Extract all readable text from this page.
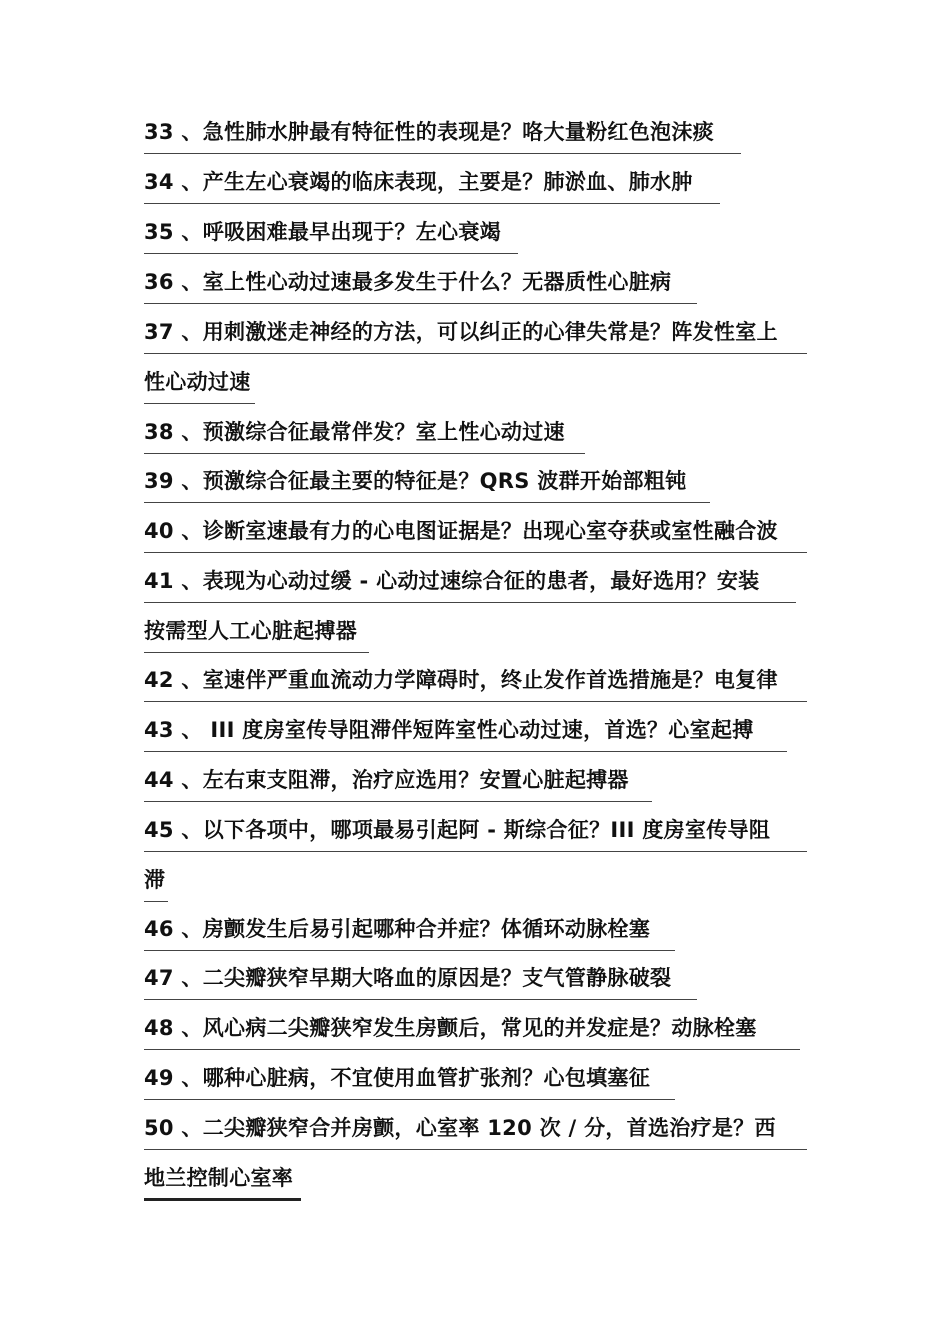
33 、急性肺水肿最有特征性的表现是？咯大量粉红色泡沫痰
34 、产生左心衰竭的临床表现，主要是？肺淤血、肺水肿
35 、呼吸困难最早出现于？左心衰竭
36 、室上性心动过速最多发生于什么？无器质性心脏病
37 、用刺激迷走神经的方法，可以纠正的心律失常是？阵发性室上
性心动过速
38 、预激综合征最常伴发？室上性心动过速
39 、预激综合征最主要的特征是？QRS 波群开始部粗钝
40 、诊断室速最有力的心电图证据是？出现心室夺获或室性融合波
41 、表现为心动过缓 - 心动过速综合征的患者，最好选用？安装
按需型人工心脏起搏器
42 、室速伴严重血流动力学障碍时，终止发作首选措施是？电复律
43 、 III 度房室传导阻滞伴短阵室性心动过速，首选？心室起搏
44 、左右束支阻滞，治疗应选用？安置心脏起搏器
45 、以下各项中，哪项最易引起阿 - 斯综合征？III 度房室传导阻
滞
46 、房颤发生后易引起哪种合并症？体循环动脉栓塞
47 、二尖瓣狭窄早期大咯血的原因是？支气管静脉破裂
48 、风心病二尖瓣狭窄发生房颤后，常见的并发症是？动脉栓塞
49 、哪种心脏病，不宜使用血管扩张剂？心包填塞征
50 、二尖瓣狭窄合并房颤，心室率 120 次 / 分，首选治疗是？西
地兰控制心室率
